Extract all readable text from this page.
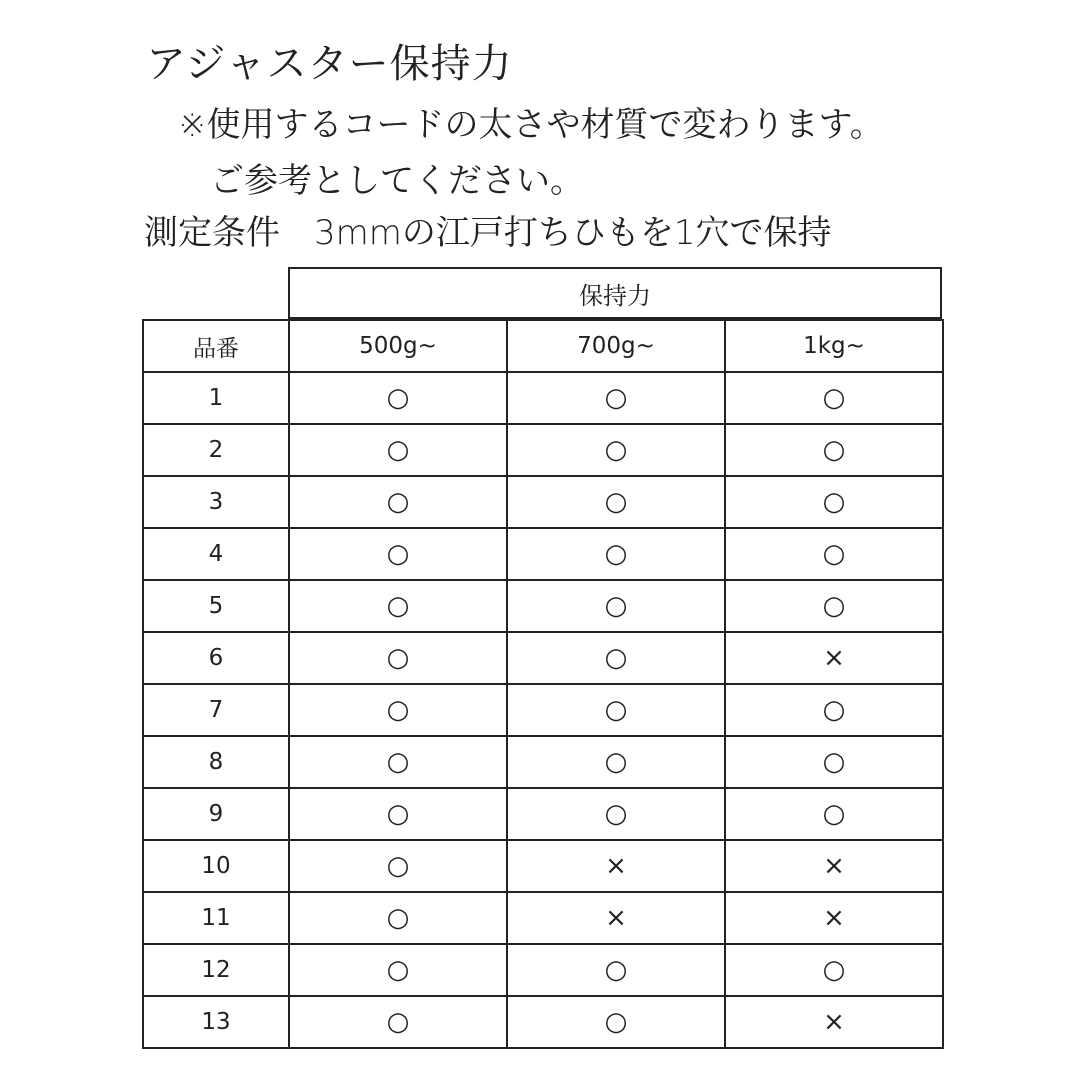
アジャスター保持力
※使用するコードの太さや材質で変わります。
ご参考としてください。
測定条件　3mmの江戸打ちひもを1穴で保持
保持力
品番	500g~	700g~	1kg~
1	○	○	○
2	○	○	○
3	○	○	○
4	○	○	○
5	○	○	○
6	○	○	×
7	○	○	○
8	○	○	○
9	○	○	○
10	○	×	×
11	○	×	×
12	○	○	○
13	○	○	×
